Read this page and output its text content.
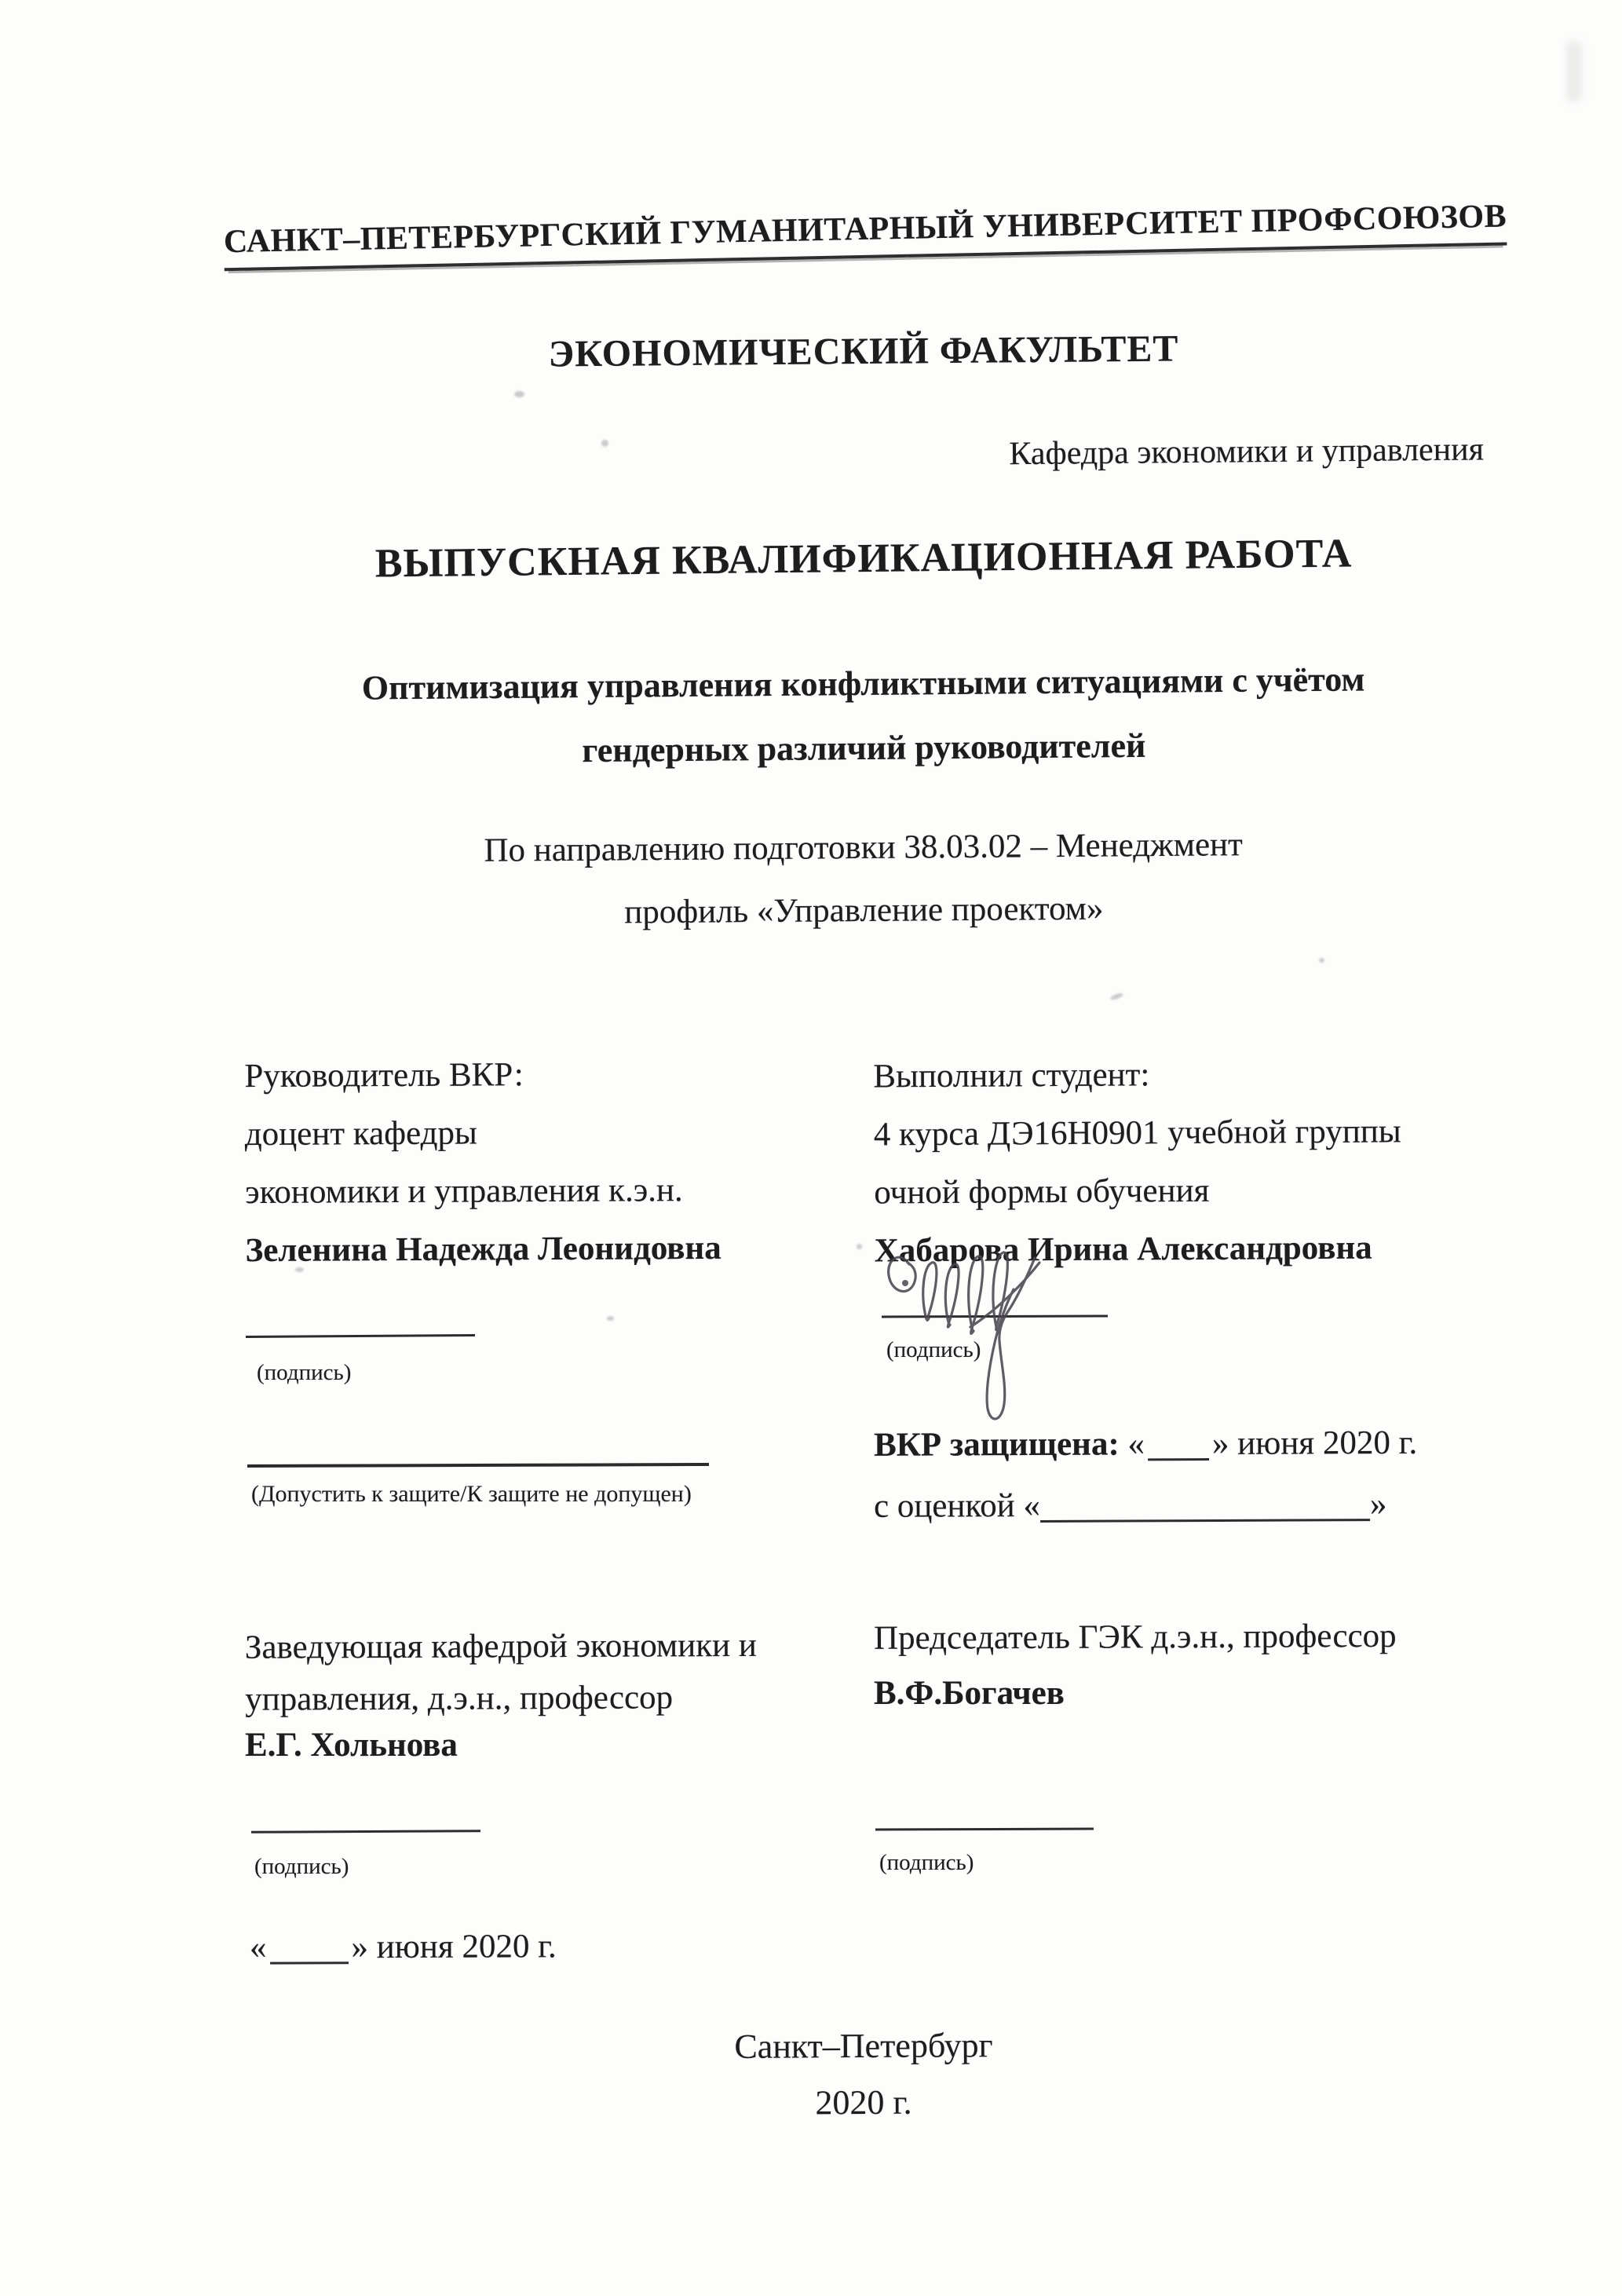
САНКТ–ПЕТЕРБУРГСКИЙ ГУМАНИТАРНЫЙ УНИВЕРСИТЕТ ПРОФСОЮЗОВ
ЭКОНОМИЧЕСКИЙ ФАКУЛЬТЕТ
Кафедра экономики и управления
ВЫПУСКНАЯ КВАЛИФИКАЦИОННАЯ РАБОТА
Оптимизация управления конфликтными ситуациями с учётом
гендерных различий руководителей
По направлению подготовки 38.03.02 – Менеджмент
профиль «Управление проектом»
Руководитель ВКР:
доцент кафедры
экономики и управления к.э.н.
Зеленина Надежда Леонидовна
Выполнил студент:
4 курса ДЭ16Н0901 учебной группы
очной формы обучения
Хабарова Ирина Александровна
(подпись)
(подпись)
(Допустить к защите/К защите не допущен)
ВКР защищена: « » июня 2020 г.
с оценкой «	»
Заведующая кафедрой экономики и
управления, д.э.н., профессор
Е.Г. Хольнова
Председатель ГЭК д.э.н., профессор
В.Ф.Богачев
(подпись)	(подпись)
«	» июня 2020 г.
Санкт–Петербург
2020 г.
